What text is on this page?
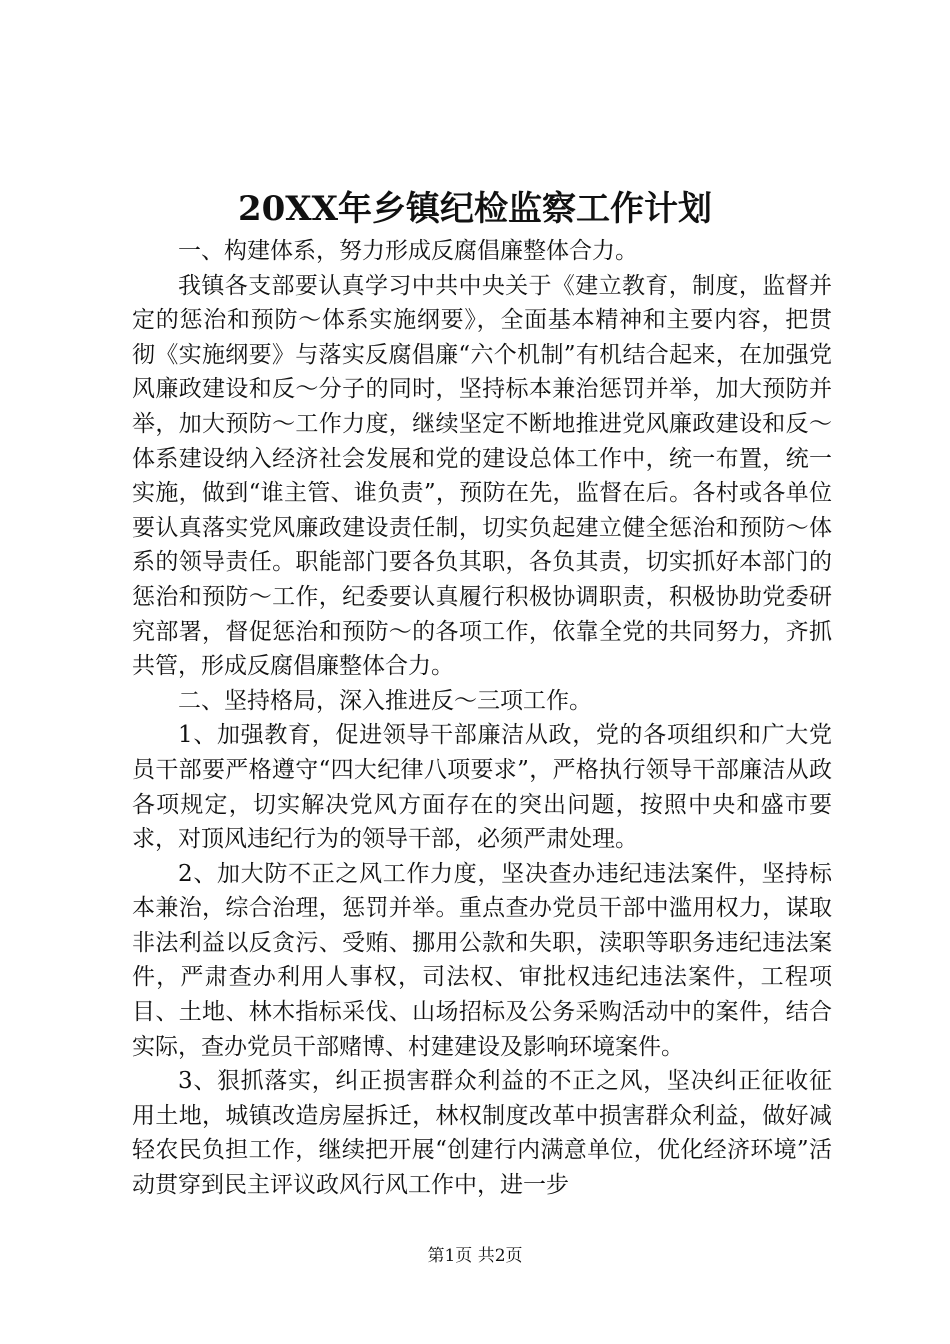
20XX年乡镇纪检监察工作计划

一、构建体系，努力形成反腐倡廉整体合力。

我镇各支部要认真学习中共中央关于《建立教育，制度，监督并定的惩治和预防～体系实施纲要》，全面基本精神和主要内容，把贯彻《实施纲要》与落实反腐倡廉“六个机制”有机结合起来，在加强党风廉政建设和反～分子的同时，坚持标本兼治惩罚并举，加大预防并举，加大预防～工作力度，继续坚定不断地推进党风廉政建设和反～体系建设纳入经济社会发展和党的建设总体工作中，统一布置，统一实施，做到“谁主管、谁负责”，预防在先，监督在后。各村或各单位要认真落实党风廉政建设责任制，切实负起建立健全惩治和预防～体系的领导责任。职能部门要各负其职，各负其责，切实抓好本部门的惩治和预防～工作，纪委要认真履行积极协调职责，积极协助党委研究部署，督促惩治和预防～的各项工作，依靠全党的共同努力，齐抓共管，形成反腐倡廉整体合力。

二、坚持格局，深入推进反～三项工作。

1、加强教育，促进领导干部廉洁从政，党的各项组织和广大党员干部要严格遵守“四大纪律八项要求”，严格执行领导干部廉洁从政各项规定，切实解决党风方面存在的突出问题，按照中央和盛市要求，对顶风违纪行为的领导干部，必须严肃处理。

2、加大防不正之风工作力度，坚决查办违纪违法案件，坚持标本兼治，综合治理，惩罚并举。重点查办党员干部中滥用权力，谋取非法利益以反贪污、受贿、挪用公款和失职，渎职等职务违纪违法案件，严肃查办利用人事权，司法权、审批权违纪违法案件，工程项目、土地、林木指标采伐、山场招标及公务采购活动中的案件，结合实际，查办党员干部赌博、村建建设及影响环境案件。

3、狠抓落实，纠正损害群众利益的不正之风，坚决纠正征收征用土地，城镇改造房屋拆迁，林权制度改革中损害群众利益，做好减轻农民负担工作，继续把开展“创建行内满意单位，优化经济环境”活动贯穿到民主评议政风行风工作中，进一步

第1页 共2页
